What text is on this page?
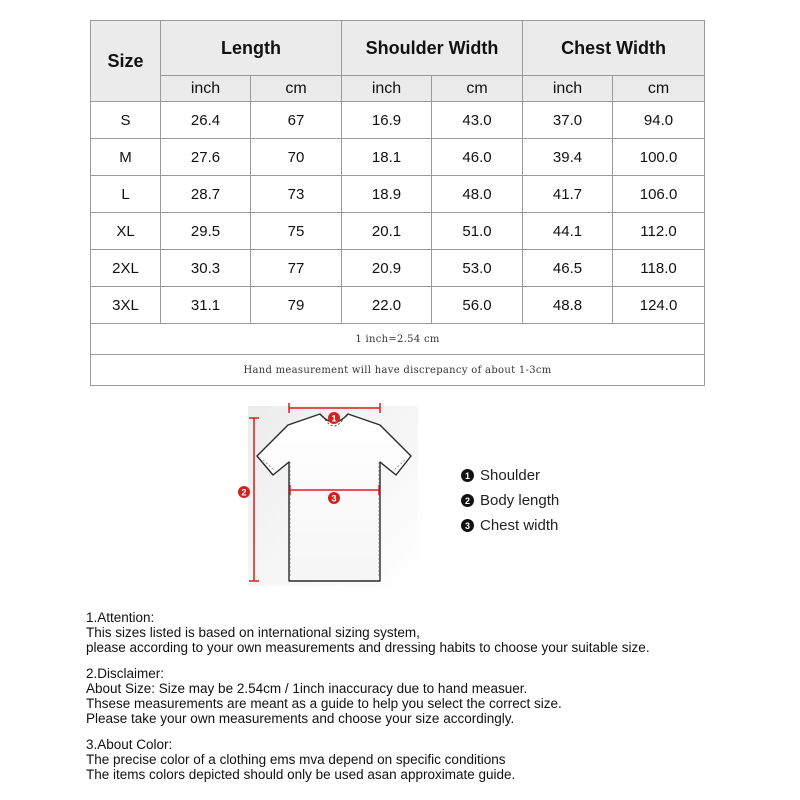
Size	Length		Shoulder Width		Chest Width	
	inch	cm	inch	cm	inch	cm
S	26.4	67	16.9	43.0	37.0	94.0
M	27.6	70	18.1	46.0	39.4	100.0
L	28.7	73	18.9	48.0	41.7	106.0
XL	29.5	75	20.1	51.0	44.1	112.0
2XL	30.3	77	20.9	53.0	46.5	118.0
3XL	31.1	79	22.0	56.0	48.8	124.0
1 inch=2.54 cm						
Hand measurement will have discrepancy of about 1-3cm						
1
2
3
1 Shoulder
2 Body length
3 Chest width
1.Attention:
This sizes listed is based on international sizing system,
please according to your own measurements and dressing habits to choose your suitable size.
2.Disclaimer:
About Size: Size may be 2.54cm / 1inch inaccuracy due to hand measuer.
Thsese measurements are meant as a guide to help you select the correct size.
Please take your own measurements and choose your size accordingly.
3.About Color:
The precise color of a clothing ems mva depend on specific conditions
The items colors depicted should only be used asan approximate guide.
